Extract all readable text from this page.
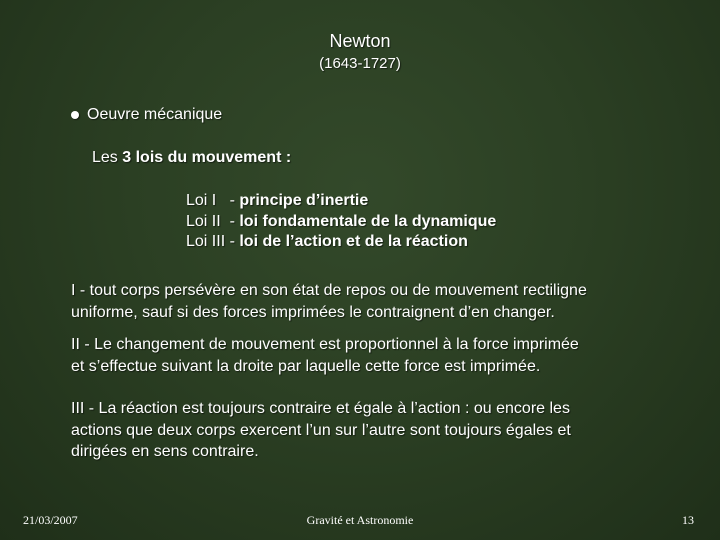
Newton
(1643-1727)
Oeuvre mécanique
Les 3 lois du mouvement :
Loi I   - principe d’inertie
Loi II  - loi fondamentale de la dynamique
Loi III - loi de l’action et de la réaction
I - tout corps persévère en son état de repos ou de mouvement rectiligne
uniforme, sauf si des forces imprimées le contraignent d’en changer.
II - Le changement de mouvement est proportionnel à la force imprimée
et s’effectue suivant la droite par laquelle cette force est imprimée.
III - La réaction est toujours contraire et égale à l’action : ou encore les
actions que deux corps exercent l’un sur l’autre sont toujours égales et
dirigées en sens contraire.
21/03/2007	Gravité et Astronomie	13
